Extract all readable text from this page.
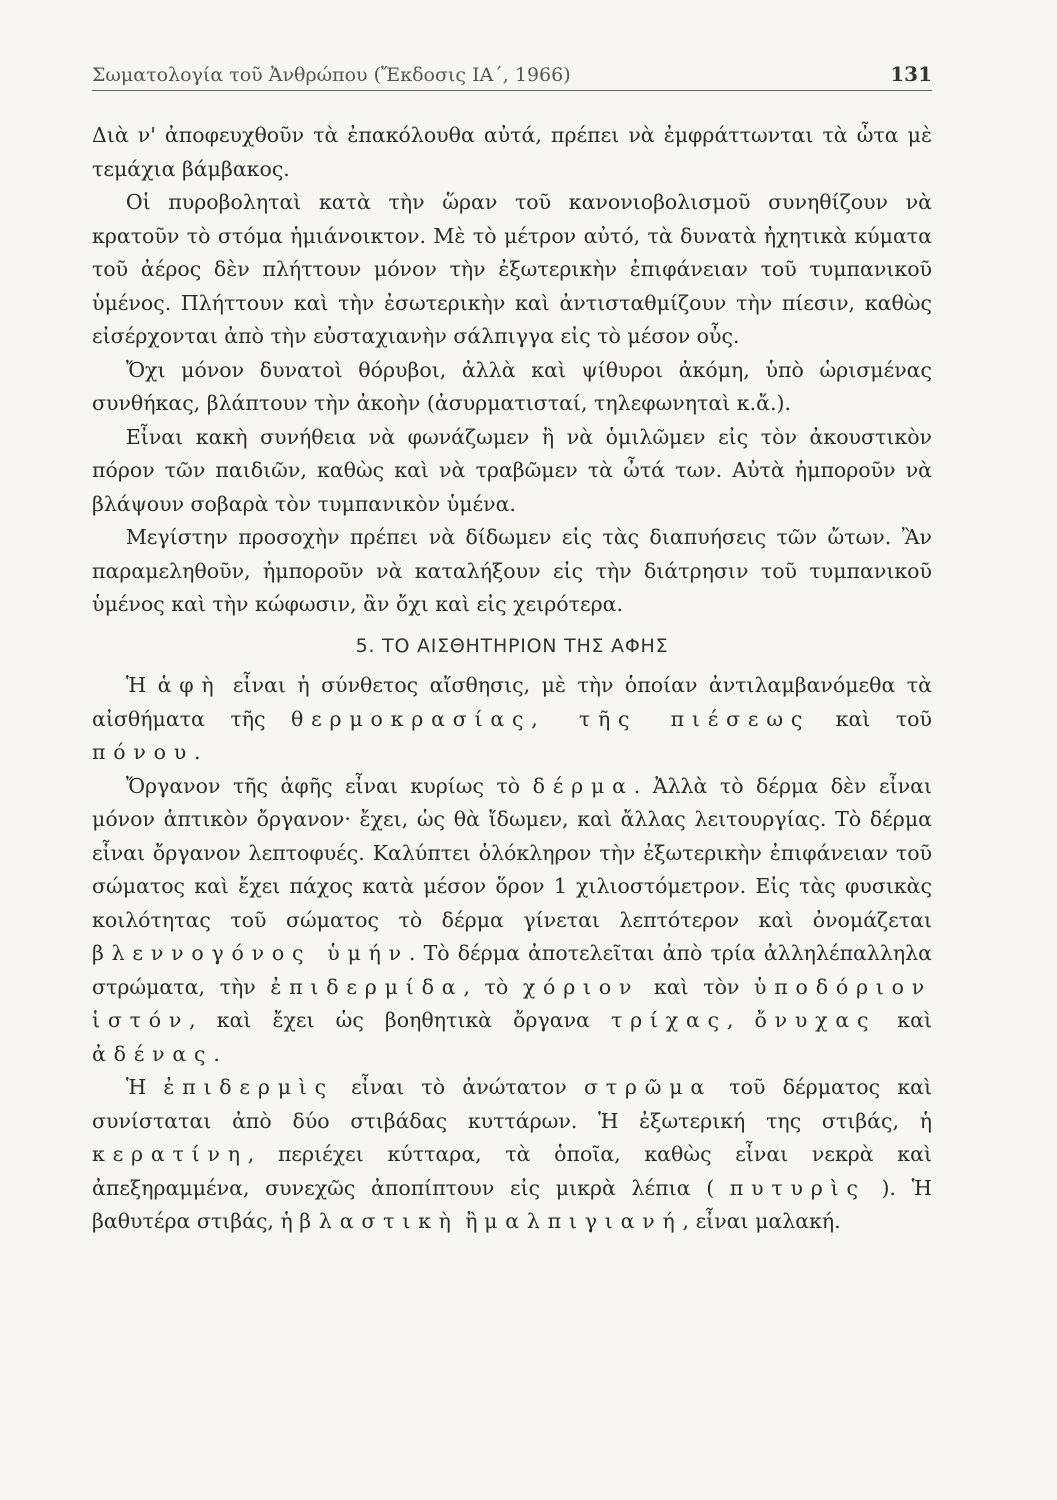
Σωματολογία τοῦ Ἀνθρώπου (Ἔκδοσις ΙΑ΄, 1966)	131

Διὰ ν' ἀποφευχθοῦν τὰ ἐπακόλουθα αὐτά, πρέπει νὰ ἐμφράττωνται τὰ ὦτα μὲ τεμάχια βάμβακος.

Οἱ πυροβοληταὶ κατὰ τὴν ὥραν τοῦ κανονιοβολισμοῦ συνηθίζουν νὰ κρατοῦν τὸ στόμα ἡμιάνοικτον. Μὲ τὸ μέτρον αὐτό, τὰ δυνατὰ ἠχητικὰ κύματα τοῦ ἀέρος δὲν πλήττουν μόνον τὴν ἐξωτερικὴν ἐπιφάνειαν τοῦ τυμπανικοῦ ὑμένος. Πλήττουν καὶ τὴν ἐσωτερικὴν καὶ ἀντισταθμίζουν τὴν πίεσιν, καθὼς εἰσέρχονται ἀπὸ τὴν εὐσταχιανὴν σάλπιγγα εἰς τὸ μέσον οὖς.

Ὄχι μόνον δυνατοὶ θόρυβοι, ἀλλὰ καὶ ψίθυροι ἀκόμη, ὑπὸ ὡρισμένας συνθήκας, βλάπτουν τὴν ἀκοὴν (ἀσυρματισταί, τηλεφωνηταὶ κ.ἄ.).

Εἶναι κακὴ συνήθεια νὰ φωνάζωμεν ἢ νὰ ὁμιλῶμεν εἰς τὸν ἀκουστικὸν πόρον τῶν παιδιῶν, καθὼς καὶ νὰ τραβῶμεν τὰ ὦτά των. Αὐτὰ ἠμποροῦν νὰ βλάψουν σοβαρὰ τὸν τυμπανικὸν ὑμένα.

Μεγίστην προσοχὴν πρέπει νὰ δίδωμεν εἰς τὰς διαπυήσεις τῶν ὤτων. Ἂν παραμεληθοῦν, ἠμποροῦν νὰ καταλήξουν εἰς τὴν διάτρησιν τοῦ τυμπανικοῦ ὑμένος καὶ τὴν κώφωσιν, ἂν ὄχι καὶ εἰς χειρότερα.

5. ΤΟ ΑΙΣΘΗΤΗΡΙΟΝ ΤΗΣ ΑΦΗΣ

Ἡ ἁφὴ εἶναι ἡ σύνθετος αἴσθησις, μὲ τὴν ὁποίαν ἀντιλαμβανόμεθα τὰ αἰσθήματα τῆς θερμοκρασίας, τῆς πιέσεως καὶ τοῦ πόνου.

Ὄργανον τῆς ἁφῆς εἶναι κυρίως τὸ δέρμα. Ἀλλὰ τὸ δέρμα δὲν εἶναι μόνον ἁπτικὸν ὄργανον· ἔχει, ὡς θὰ ἴδωμεν, καὶ ἄλλας λειτουργίας. Τὸ δέρμα εἶναι ὄργανον λεπτοφυές. Καλύπτει ὁλόκληρον τὴν ἐξωτερικὴν ἐπιφάνειαν τοῦ σώματος καὶ ἔχει πάχος κατὰ μέσον ὅρον 1 χιλιοστόμετρον. Εἰς τὰς φυσικὰς κοιλότητας τοῦ σώματος τὸ δέρμα γίνεται λεπτότερον καὶ ὀνομάζεται βλεννογόνος ὑμήν. Τὸ δέρμα ἀποτελεῖται ἀπὸ τρία ἀλληλέπαλληλα στρώματα, τὴν ἐπιδερμίδα, τὸ χόριον καὶ τὸν ὑποδόριον ἱστόν, καὶ ἔχει ὡς βοηθητικὰ ὄργανα τρίχας, ὄνυχας καὶ ἀδένας.

Ἡ ἐπιδερμὶς εἶναι τὸ ἀνώτατον στρῶμα τοῦ δέρματος καὶ συνίσταται ἀπὸ δύο στιβάδας κυττάρων. Ἡ ἐξωτερική της στιβάς, ἡ κερατίνη, περιέχει κύτταρα, τὰ ὁποῖα, καθὼς εἶναι νεκρὰ καὶ ἀπεξηραμμένα, συνεχῶς ἀποπίπτουν εἰς μικρὰ λέπια ( πυτυρὶς ). Ἡ βαθυτέρα στιβάς, ἡ βλαστικὴ ἢ μαλπιγιανή, εἶναι μαλακή.
